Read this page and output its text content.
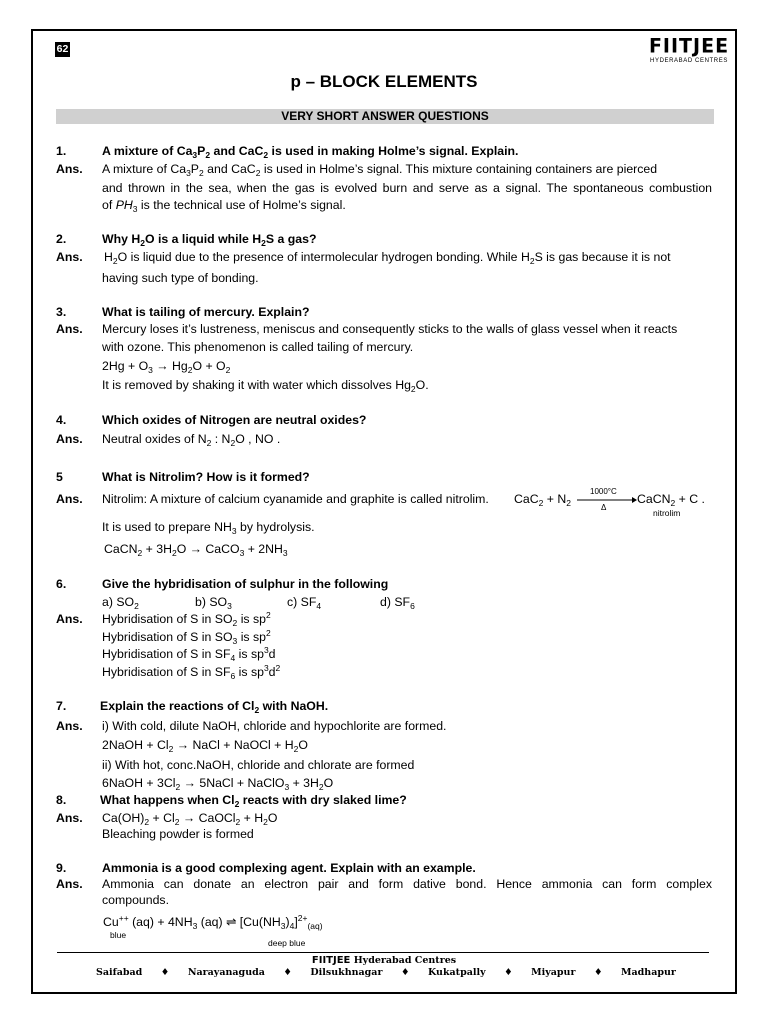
62	FIITJEE
HYDERABAD CENTRES
p – BLOCK ELEMENTS
VERY SHORT ANSWER QUESTIONS
1.	A mixture of $Ca_3P_2$ and CaC$_2$ is used in making Holme’s signal. Explain.
Ans. A mixture of $Ca_3P_2$ and CaC$_2$ is used in Holme’s signal. This mixture containing containers are pierced
and thrown in the sea, when the gas is evolved burn and serve as a signal. The spontaneous combustion
of $PH_3$ is the technical use of Holme’s signal.
2.	Why $H_2O$ is a liquid while $H_2S$ a gas?
Ans. $H_2O$ is liquid due to the presence of intermolecular hydrogen bonding. While $H_2S$ is gas because it is not
having such type of bonding.
3.	What is tailing of mercury. Explain?
Ans. Mercury loses it’s lustreness, meniscus and consequently sticks to the walls of glass vessel when it reacts
with ozone. This phenomenon is called tailing of mercury.
$2Hg + O_3 \to Hg_2O + O_2$
It is removed by shaking it with water which dissolves $Hg_2O$.
4.	Which oxides of Nitrogen are neutral oxides?
Ans. Neutral oxides of $N_2$ : $N_2O$ , NO .
5	What is Nitrolim? How is it formed?
Ans. Nitrolim: A mixture of calcium cyanamide and graphite is called nitrolim. $CaC_2 + N_2$
1000°C
Δ
CaCN$_2$ + C .
nitrolim
It is used to prepare $NH_3$ by hydrolysis.
CaCN$_2$ + $3H_2O$ → CaCO$_3$ + $2NH_3$
6.	Give the hybridisation of sulphur in the following
a) $SO_2$	b) $SO_3$	c) $SF_4$	d) $SF_6$
Ans. Hybridisation of S in $SO_2$ is $sp^2$
Hybridisation of S in $SO_3$ is $sp^2$
Hybridisation of S in $SF_4$ is $sp^3d$
Hybridisation of S in $SF_6$ is $sp^3d^2$
7.	Explain the reactions of $Cl_2$ with NaOH.
Ans. i) With cold, dilute NaOH, chloride and hypochlorite are formed.
2NaOH + $Cl_2$ → NaCl + NaOCl + $H_2O$
ii) With hot, conc.NaOH, chloride and chlorate are formed
6NaOH + $3Cl_2$ → 5NaCl + NaClO$_3$ + $3H_2O$
8.	What happens when $Cl_2$ reacts with dry slaked lime?
Ans. $Ca(OH)_2 + Cl_2$ → CaOCl$_2$ + $H_2O$
Bleaching powder is formed
9.	Ammonia is a good complexing agent. Explain with an example.
Ans. Ammonia can donate an electron pair and form dative bond. Hence ammonia can form complex
compounds.
Cu++ $(aq) + 4NH_3$ (aq) ⇌ $[Cu(NH_3)_4]^{2+}_{(aq)}$
blue
deep blue
FIITJEE Hyderabad Centres
Saifabad ♦ Narayanaguda ♦ Dilsukhnagar ♦ Kukatpally ♦ Miyapur ♦ Madhapur
